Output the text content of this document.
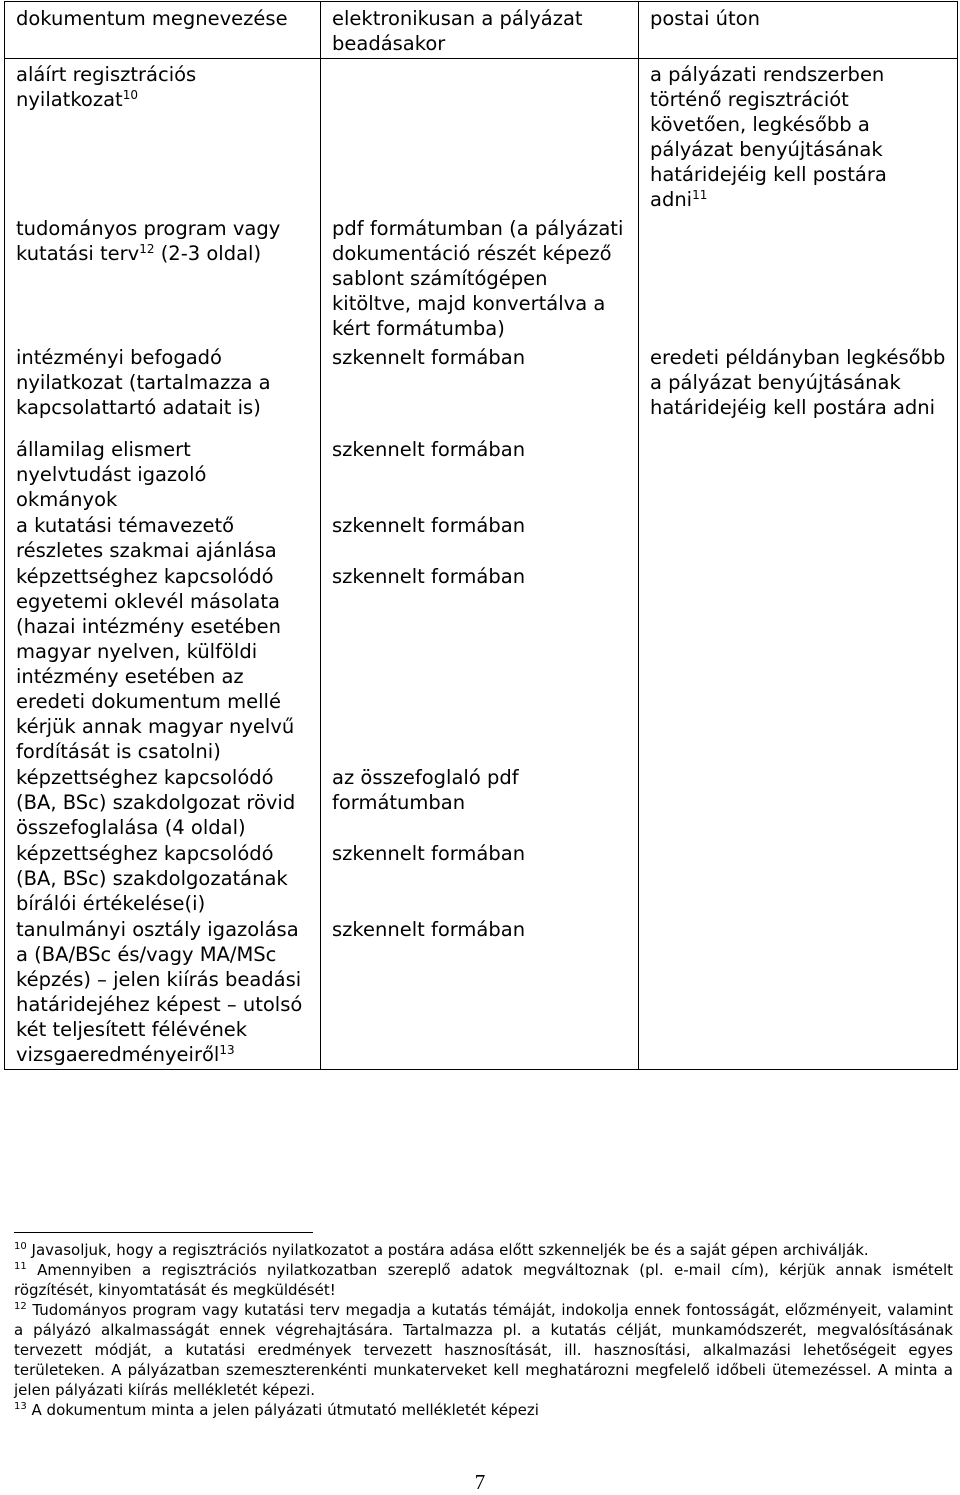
dokumentum megnevezése	elektronikusan a pályázat beadásakor	postai úton
aláírt regisztrációs nyilatkozat$^{10}$		a pályázati rendszerben történő regisztrációt követően, legkésőbb a pályázat benyújtásának határidejéig kell postára adni$^{11}$
tudományos program vagy kutatási terv$^{12}$ (2-3 oldal)	pdf formátumban (a pályázati dokumentáció részét képező sablont számítógépen kitöltve, majd konvertálva a kért formátumba)	
intézményi befogadó nyilatkozat (tartalmazza a kapcsolattartó adatait is)	szkennelt formában	eredeti példányban legkésőbb a pályázat benyújtásának határidejéig kell postára adni
államilag elismert nyelvtudást igazoló okmányok	szkennelt formában	
a kutatási témavezető részletes szakmai ajánlása	szkennelt formában	
képzettséghez kapcsolódó egyetemi oklevél másolata (hazai intézmény esetében magyar nyelven, külföldi intézmény esetében az eredeti dokumentum mellé kérjük annak magyar nyelvű fordítását is csatolni)	szkennelt formában	
képzettséghez kapcsolódó (BA, BSc) szakdolgozat rövid összefoglalása (4 oldal)	az összefoglaló pdf formátumban	
képzettséghez kapcsolódó (BA, BSc) szakdolgozatának bírálói értékelése(i)	szkennelt formában	
tanulmányi osztály igazolása a (BA/BSc és/vagy MA/MSc képzés) – jelen kiírás beadási határidejéhez képest – utolsó két teljesített félévének vizsgaeredményeiről$^{13}$	szkennelt formában	

$^{10}$ Javasoljuk, hogy a regisztrációs nyilatkozatot a postára adása előtt szkenneljék be és a saját gépen archiválják.

$^{11}$ Amennyiben a regisztrációs nyilatkozatban szereplő adatok megváltoznak (pl. e-mail cím), kérjük annak ismételt rögzítését, kinyomtatását és megküldését!

$^{12}$ Tudományos program vagy kutatási terv megadja a kutatás témáját, indokolja ennek fontosságát, előzményeit, valamint a pályázó alkalmasságát ennek végrehajtására. Tartalmazza pl. a kutatás célját, munkamódszerét, megvalósításának tervezett módját, a kutatási eredmények tervezett hasznosítását, ill. hasznosítási, alkalmazási lehetőségeit egyes területeken. A pályázatban szemeszterenkénti munkaterveket kell meghatározni megfelelő időbeli ütemezéssel. A minta a jelen pályázati kiírás mellékletét képezi.

$^{13}$ A dokumentum minta a jelen pályázati útmutató mellékletét képezi

7
